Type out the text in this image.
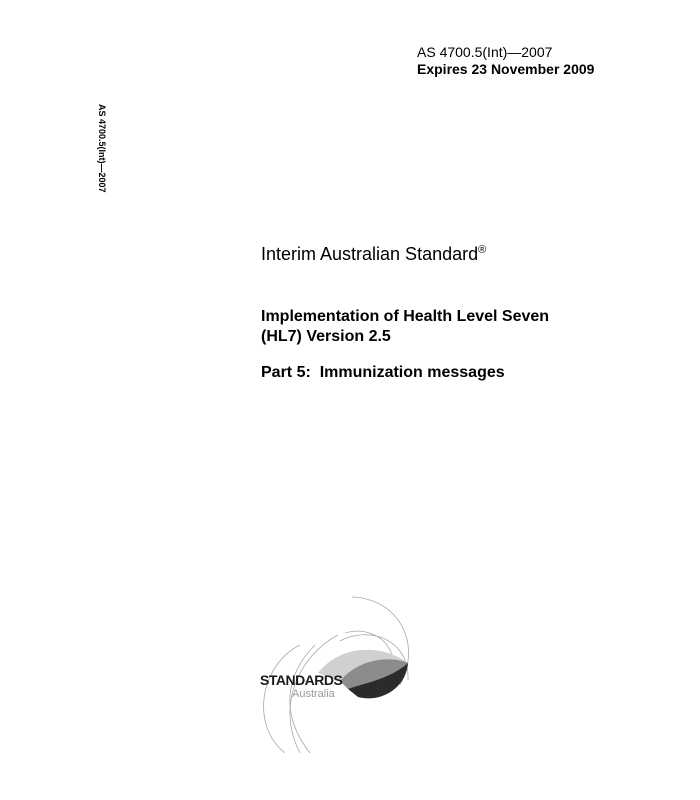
AS 4700.5(Int)—2007

Expires 23 November 2009

AS 4700.5(Int)—2007

Interim Australian Standard®

Implementation of Health Level Seven (HL7) Version 2.5

Part 5:  Immunization messages

STANDARDS

Australia
